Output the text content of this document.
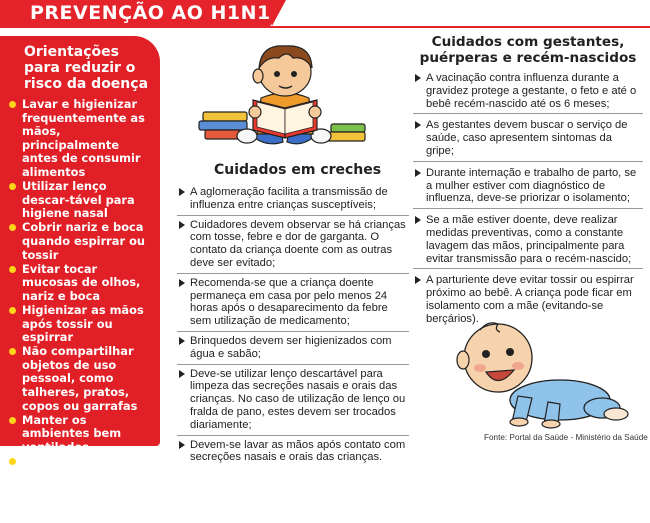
PREVENÇÃO AO H1N1
Orientações para reduzir o risco da doença
Lavar e higienizar frequentemente as mãos, principalmente antes de consumir alimentos
Utilizar lenço descar-tável para higiene nasal
Cobrir nariz e boca quando espirrar ou tossir
Evitar tocar mucosas de olhos, nariz e boca
Higienizar as mãos após tossir ou espirrar
Não compartilhar objetos de uso pessoal, como talheres, pratos, copos ou garrafas
Manter os ambientes bem ventilados
Evitar contato próximo a pessoas que apresentem sinais ou sintomas de gripe
Cuidados em creches
A aglomeração facilita a transmissão de influenza entre crianças susceptíveis;
Cuidadores devem observar se há crianças com tosse, febre e dor de garganta. O contato da criança doente com as outras deve ser evitado;
Recomenda-se que a criança doente permaneça em casa por pelo menos 24 horas após o desaparecimento da febre sem utilização de medicamento;
Brinquedos devem ser higienizados com água e sabão;
Deve-se utilizar lenço descartável para limpeza das secreções nasais e orais das crianças. No caso de utilização de lenço ou fralda de pano, estes devem ser trocados diariamente;
Devem-se lavar as mãos após contato com secreções nasais e orais das crianças.
Cuidados com gestantes, puérperas e recém-nascidos
A vacinação contra influenza durante a gravidez protege a gestante, o feto e até o bebê recém-nascido até os 6 meses;
As gestantes devem buscar o serviço de saúde, caso apresentem sintomas da gripe;
Durante internação e trabalho de parto, se a mulher estiver com diagnóstico de influenza, deve-se priorizar o isolamento;
Se a mãe estiver doente, deve realizar medidas preventivas, como a constante lavagem das mãos, principalmente para evitar transmissão para o recém-nascido;
A parturiente deve evitar tossir ou espirrar próximo ao bebê. A criança pode ficar em isolamento com a mãe (evitando-se berçários).
Fonte: Portal da Saúde - Ministério da Saúde
